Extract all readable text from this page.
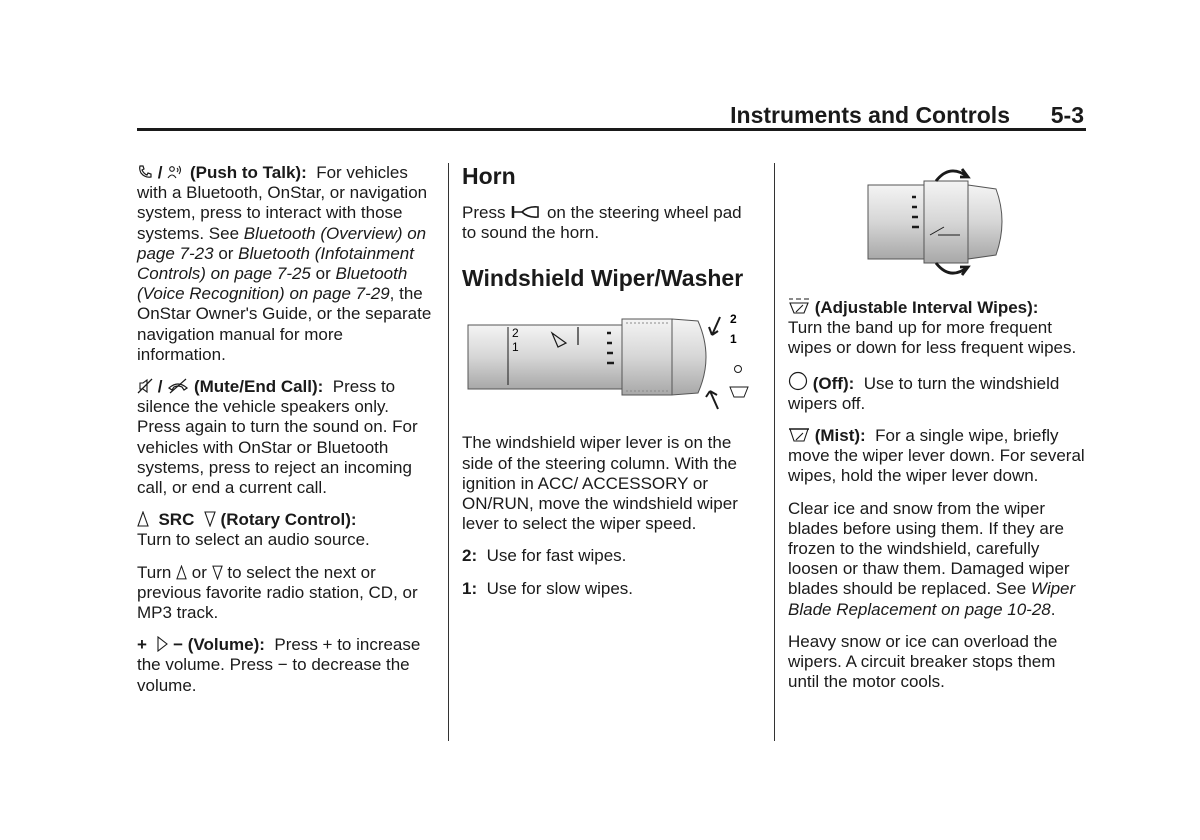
Instruments and Controls 5-3

/ (Push to Talk): For vehicles with a Bluetooth, OnStar, or navigation system, press to interact with those systems. See Bluetooth (Overview) on page 7-23 or Bluetooth (Infotainment Controls) on page 7-25 or Bluetooth (Voice Recognition) on page 7-29, the OnStar Owner's Guide, or the separate navigation manual for more information.

/ (Mute/End Call): Press to silence the vehicle speakers only. Press again to turn the sound on. For vehicles with OnStar or Bluetooth systems, press to reject an incoming call, or end a current call.

SRC (Rotary Control):
Turn to select an audio source.

Turn or to select the next or previous favorite radio station, CD, or MP3 track.

+ − (Volume): Press + to increase the volume. Press − to decrease the volume.

Horn

Press on the steering wheel pad to sound the horn.

Windshield Wiper/Washer
2
1
2
1

The windshield wiper lever is on the side of the steering column. With the ignition in ACC/ ACCESSORY or ON/RUN, move the windshield wiper lever to select the wiper speed.

2: Use for fast wipes.

1: Use for slow wipes.

(Adjustable Interval Wipes):
Turn the band up for more frequent wipes or down for less frequent wipes.

(Off): Use to turn the windshield wipers off.

(Mist): For a single wipe, briefly move the wiper lever down. For several wipes, hold the wiper lever down.

Clear ice and snow from the wiper blades before using them. If they are frozen to the windshield, carefully loosen or thaw them. Damaged wiper blades should be replaced. See Wiper Blade Replacement on page 10-28.

Heavy snow or ice can overload the wipers. A circuit breaker stops them until the motor cools.
